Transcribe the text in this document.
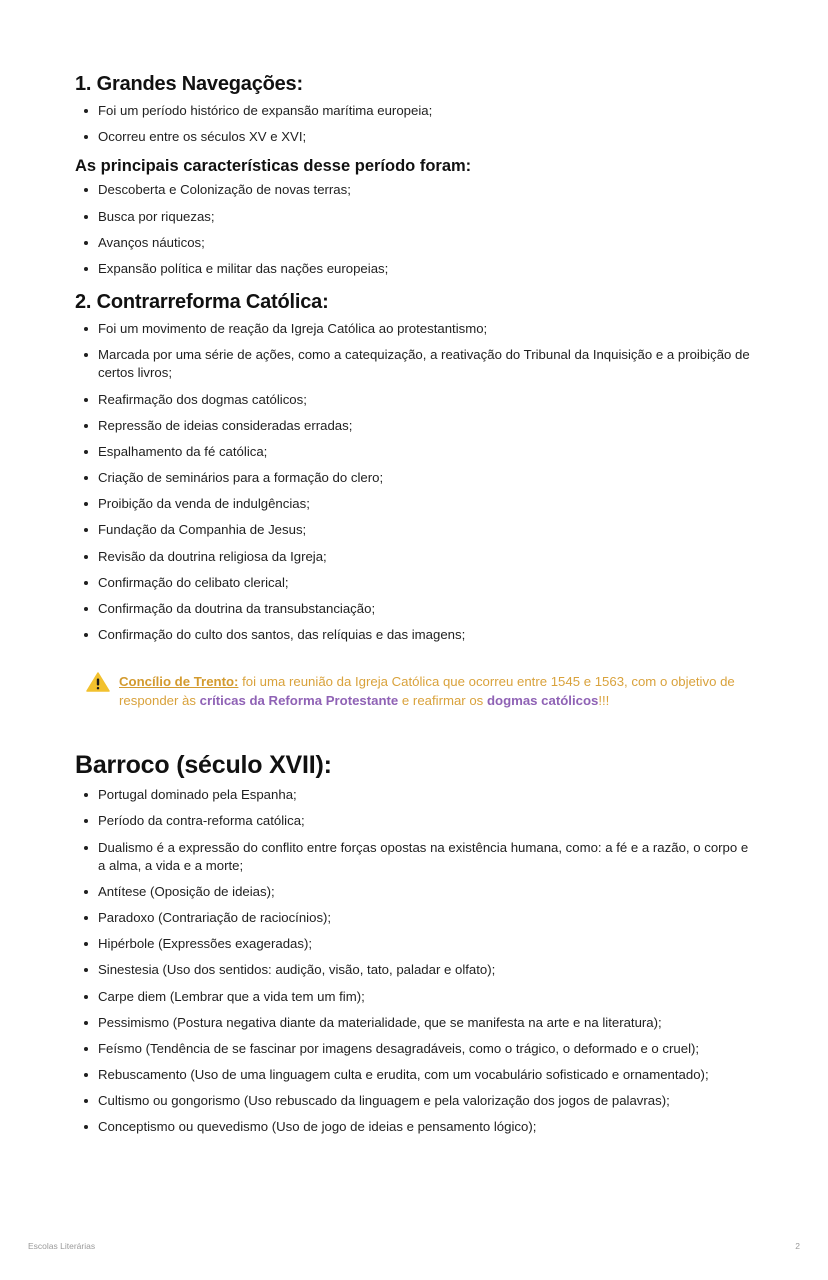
1. Grandes Navegações:
Foi um período histórico de expansão marítima europeia;
Ocorreu entre os séculos XV e XVI;
As principais características desse período foram:
Descoberta e Colonização de novas terras;
Busca por riquezas;
Avanços náuticos;
Expansão política e militar das nações europeias;
2. Contrarreforma Católica:
Foi um movimento de reação da Igreja Católica ao protestantismo;
Marcada por uma série de ações, como a catequização, a reativação do Tribunal da Inquisição e a proibição de certos livros;
Reafirmação dos dogmas católicos;
Repressão de ideias consideradas erradas;
Espalhamento da fé católica;
Criação de seminários para a formação do clero;
Proibição da venda de indulgências;
Fundação da Companhia de Jesus;
Revisão da doutrina religiosa da Igreja;
Confirmação do celibato clerical;
Confirmação da doutrina da transubstanciação;
Confirmação do culto dos santos, das relíquias e das imagens;
Concílio de Trento: foi uma reunião da Igreja Católica que ocorreu entre 1545 e 1563, com o objetivo de responder às críticas da Reforma Protestante e reafirmar os dogmas católicos!!!
Barroco (século XVII):
Portugal dominado pela Espanha;
Período da contra-reforma católica;
Dualismo é a expressão do conflito entre forças opostas na existência humana, como: a fé e a razão, o corpo e a alma, a vida e a morte;
Antítese (Oposição de ideias);
Paradoxo (Contrariação de raciocínios);
Hipérbole (Expressões exageradas);
Sinestesia (Uso dos sentidos: audição, visão, tato, paladar e olfato);
Carpe diem (Lembrar que a vida tem um fim);
Pessimismo (Postura negativa diante da materialidade, que se manifesta na arte e na literatura);
Feísmo (Tendência de se fascinar por imagens desagradáveis, como o trágico, o deformado e o cruel);
Rebuscamento (Uso de uma linguagem culta e erudita, com um vocabulário sofisticado e ornamentado);
Cultismo ou gongorismo (Uso rebuscado da linguagem e pela valorização dos jogos de palavras);
Conceptismo ou quevedismo (Uso de jogo de ideias e pensamento lógico);
Escolas Literárias	2
